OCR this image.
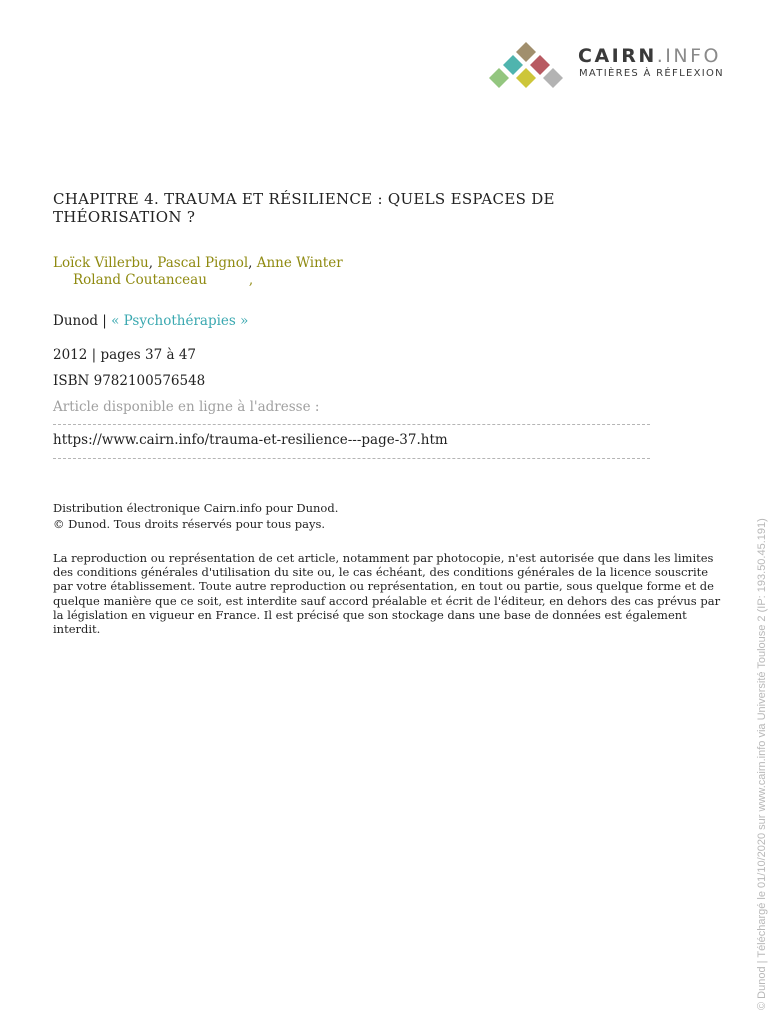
CAIRN.INFO
MATIÈRES À RÉFLEXION
CHAPITRE 4. TRAUMA ET RÉSILIENCE : QUELS ESPACES DE THÉORISATION ?
Loïck Villerbu, Pascal Pignol, Anne Winter
Roland Coutanceau	,
Dunod | « Psychothérapies »
2012 | pages 37 à 47
ISBN 9782100576548
Article disponible en ligne à l'adresse :
https://www.cairn.info/trauma-et-resilience---page-37.htm
Distribution électronique Cairn.info pour Dunod.
© Dunod. Tous droits réservés pour tous pays.
La reproduction ou représentation de cet article, notamment par photocopie, n'est autorisée que dans les limites des conditions générales d'utilisation du site ou, le cas échéant, des conditions générales de la licence souscrite par votre établissement. Toute autre reproduction ou représentation, en tout ou partie, sous quelque forme et de quelque manière que ce soit, est interdite sauf accord préalable et écrit de l'éditeur, en dehors des cas prévus par la législation en vigueur en France. Il est précisé que son stockage dans une base de données est également interdit.	© Dunod | Téléchargé le 01/10/2020 sur www.cairn.info via Université Toulouse 2 (IP: 193.50.45.191)
